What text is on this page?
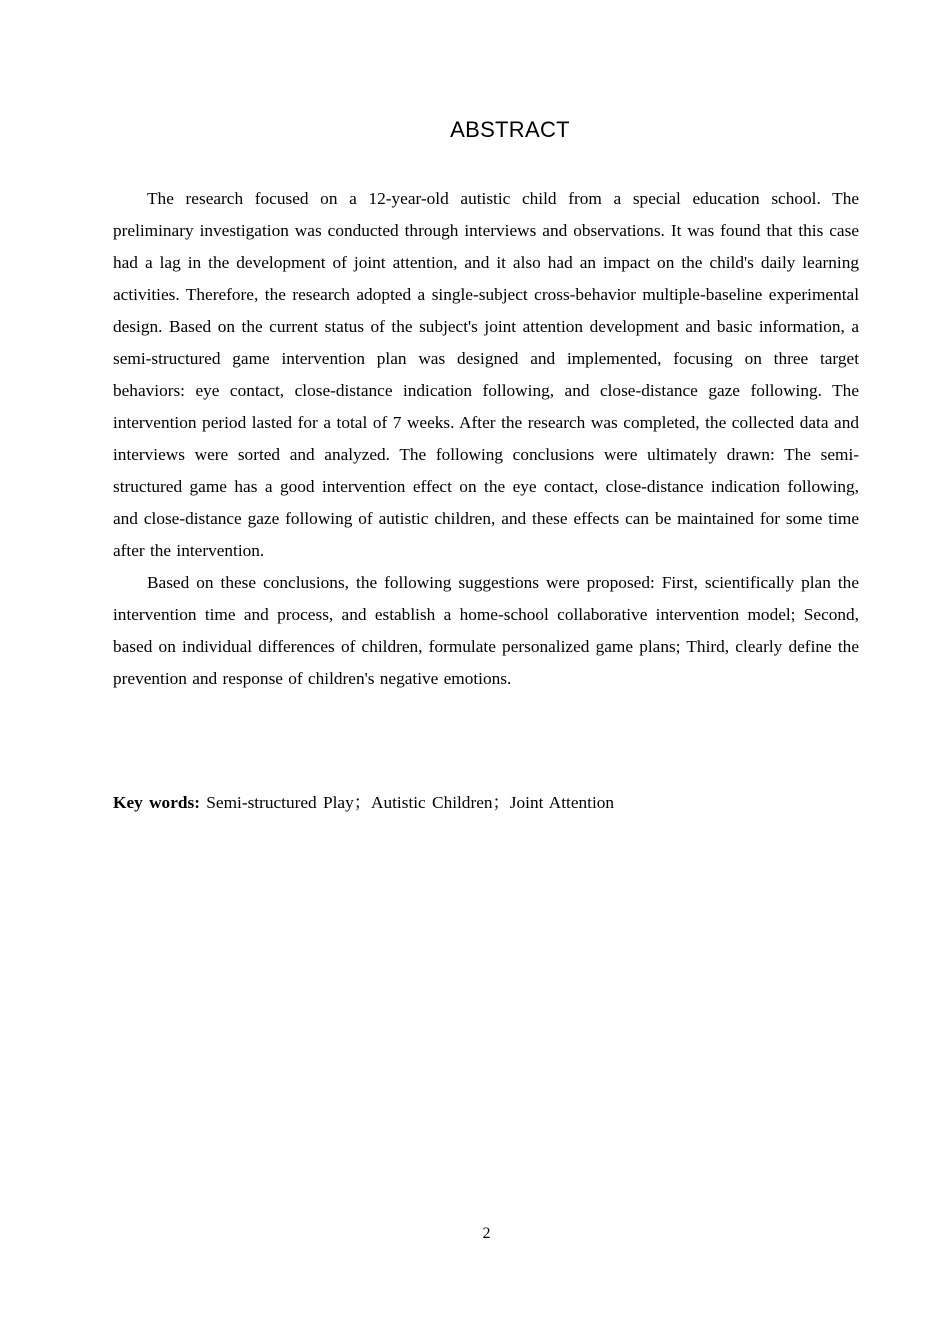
ABSTRACT

The research focused on a 12-year-old autistic child from a special education school. The preliminary investigation was conducted through interviews and observations. It was found that this case had a lag in the development of joint attention, and it also had an impact on the child's daily learning activities. Therefore, the research adopted a single-subject cross-behavior multiple-baseline experimental design. Based on the current status of the subject's joint attention development and basic information, a semi-structured game intervention plan was designed and implemented, focusing on three target behaviors: eye contact, close-distance indication following, and close-distance gaze following. The intervention period lasted for a total of 7 weeks. After the research was completed, the collected data and interviews were sorted and analyzed. The following conclusions were ultimately drawn: The semi-structured game has a good intervention effect on the eye contact, close-distance indication following, and close-distance gaze following of autistic children, and these effects can be maintained for some time after the intervention.

Based on these conclusions, the following suggestions were proposed: First, scientifically plan the intervention time and process, and establish a home-school collaborative intervention model; Second, based on individual differences of children, formulate personalized game plans; Third, clearly define the prevention and response of children's negative emotions.

Key words: Semi-structured Play；Autistic Children；Joint Attention
2
